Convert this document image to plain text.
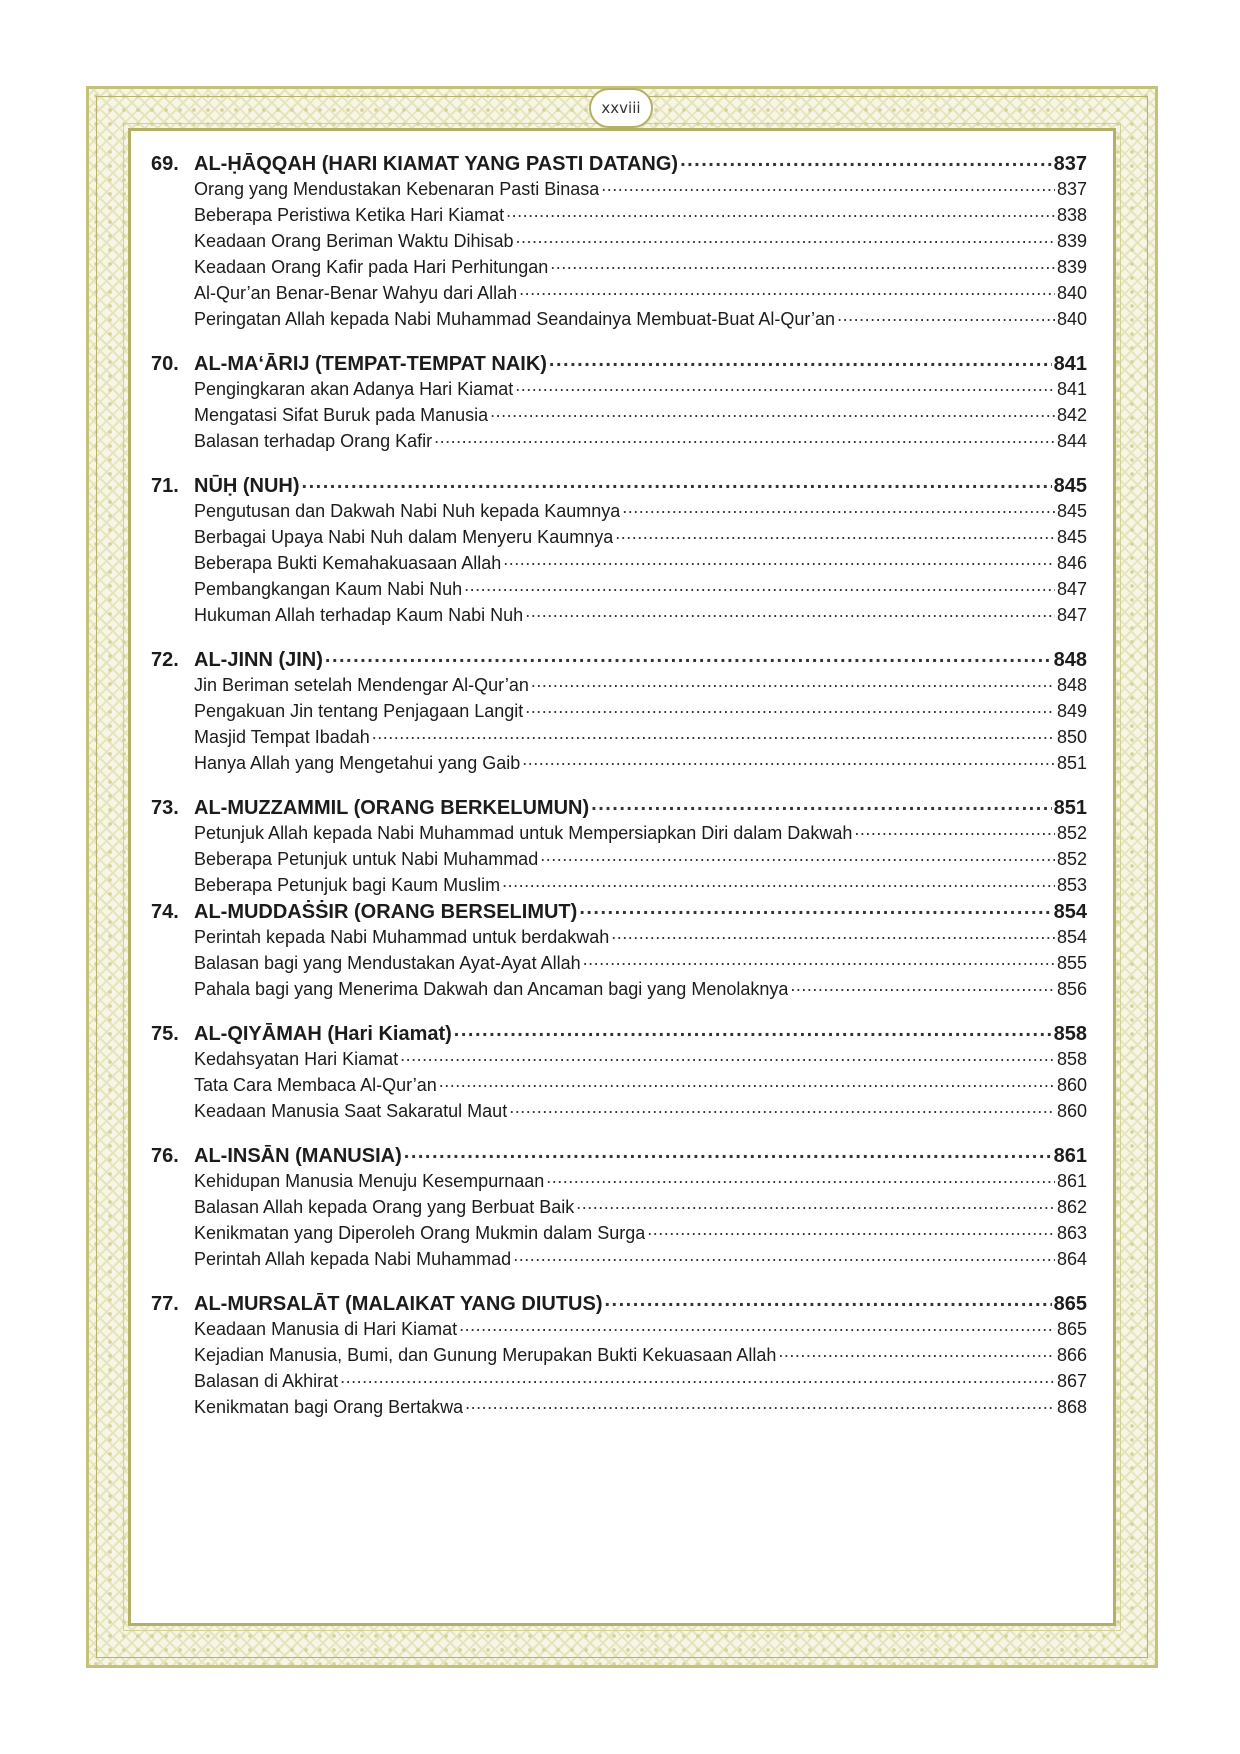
xxviii
69. AL-ḤĀQQAH (HARI KIAMAT YANG PASTI DATANG) .....	837
Orang yang Mendustakan Kebenaran Pasti Binasa .....	837
Beberapa Peristiwa Ketika Hari Kiamat .....	838
Keadaan Orang Beriman Waktu Dihisab .....	839
Keadaan Orang Kafir pada Hari Perhitungan .....	839
Al-Qur’an Benar-Benar Wahyu dari Allah .....	840
Peringatan Allah kepada Nabi Muhammad Seandainya Membuat-Buat Al-Qur’an .....	840
70. AL-MA‘ĀRIJ (TEMPAT-TEMPAT NAIK) .....	841
Pengingkaran akan Adanya Hari Kiamat .....	841
Mengatasi Sifat Buruk pada Manusia .....	842
Balasan terhadap Orang Kafir .....	844
71. NŪḤ (NUH) .....	845
Pengutusan dan Dakwah Nabi Nuh kepada Kaumnya .....	845
Berbagai Upaya Nabi Nuh dalam Menyeru Kaumnya .....	845
Beberapa Bukti Kemahakuasaan Allah .....	846
Pembangkangan Kaum Nabi Nuh .....	847
Hukuman Allah terhadap Kaum Nabi Nuh .....	847
72. AL-JINN (JIN) .....	848
Jin Beriman setelah Mendengar Al-Qur’an .....	848
Pengakuan Jin tentang Penjagaan Langit .....	849
Masjid Tempat Ibadah .....	850
Hanya Allah yang Mengetahui yang Gaib .....	851
73. AL-MUZZAMMIL (ORANG BERKELUMUN) .....	851
Petunjuk Allah kepada Nabi Muhammad untuk Mempersiapkan Diri dalam Dakwah .....	852
Beberapa Petunjuk untuk Nabi Muhammad .....	852
Beberapa Petunjuk bagi Kaum Muslim .....	853
74. AL-MUDDAṠṠIR (ORANG BERSELIMUT) .....	854
Perintah kepada Nabi Muhammad untuk berdakwah .....	854
Balasan bagi yang Mendustakan Ayat-Ayat Allah .....	855
Pahala bagi yang Menerima Dakwah dan Ancaman bagi yang Menolaknya .....	856
75. AL-QIYĀMAH (Hari Kiamat) .....	858
Kedahsyatan Hari Kiamat .....	858
Tata Cara Membaca Al-Qur’an .....	860
Keadaan Manusia Saat Sakaratul Maut .....	860
76. AL-INSĀN (MANUSIA) .....	861
Kehidupan Manusia Menuju Kesempurnaan .....	861
Balasan Allah kepada Orang yang Berbuat Baik .....	862
Kenikmatan yang Diperoleh Orang Mukmin dalam Surga .....	863
Perintah Allah kepada Nabi Muhammad .....	864
77. AL-MURSALĀT (MALAIKAT YANG DIUTUS) .....	865
Keadaan Manusia di Hari Kiamat .....	865
Kejadian Manusia, Bumi, dan Gunung Merupakan Bukti Kekuasaan Allah .....	866
Balasan di Akhirat .....	867
Kenikmatan bagi Orang Bertakwa .....	868
